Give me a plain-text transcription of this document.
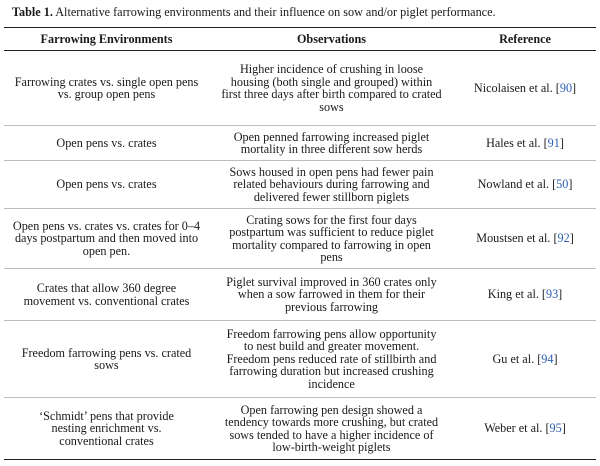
Table 1. Alternative farrowing environments and their influence on sow and/or piglet performance.
Farrowing Environments	Observations	Reference
Farrowing crates vs. single open pens vs. group open pens	Higher incidence of crushing in loose housing (both single and grouped) within first three days after birth compared to crated sows	Nicolaisen et al. [90]
Open pens vs. crates	Open penned farrowing increased piglet mortality in three different sow herds	Hales et al. [91]
Open pens vs. crates	Sows housed in open pens had fewer pain related behaviours during farrowing and delivered fewer stillborn piglets	Nowland et al. [50]
Open pens vs. crates vs. crates for 0–4 days postpartum and then moved into open pen.	Crating sows for the first four days postpartum was sufficient to reduce piglet mortality compared to farrowing in open pens	Moustsen et al. [92]
Crates that allow 360 degree movement vs. conventional crates	Piglet survival improved in 360 crates only when a sow farrowed in them for their previous farrowing	King et al. [93]
Freedom farrowing pens vs. crated sows	Freedom farrowing pens allow opportunity to nest build and greater movement. Freedom pens reduced rate of stillbirth and farrowing duration but increased crushing incidence	Gu et al. [94]
‘Schmidt’ pens that provide nesting enrichment vs. conventional crates	Open farrowing pen design showed a tendency towards more crushing, but crated sows tended to have a higher incidence of low-birth-weight piglets	Weber et al. [95]
